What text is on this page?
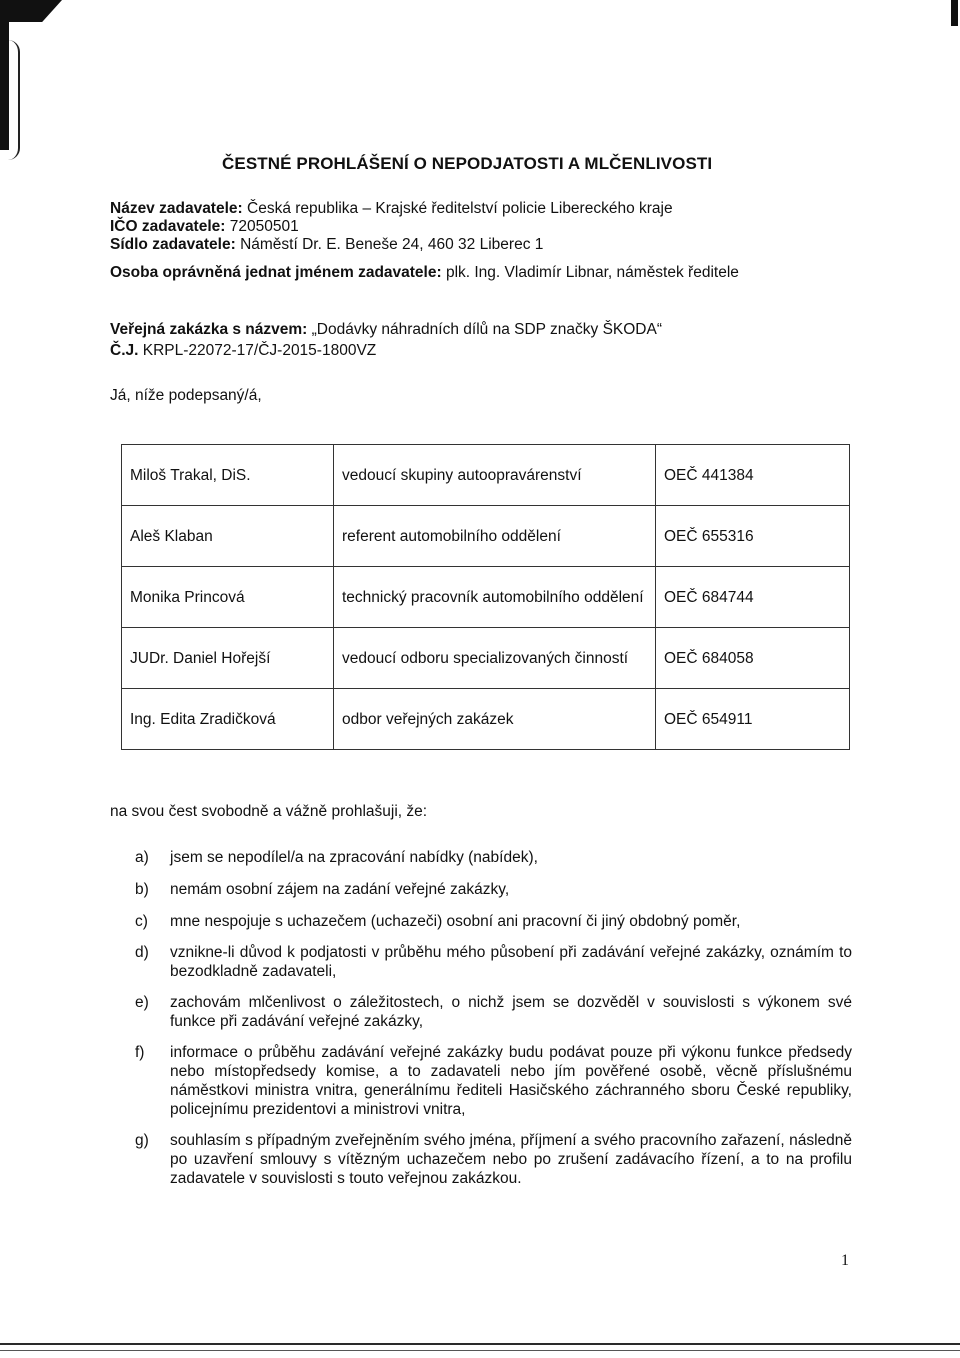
ČESTNÉ PROHLÁŠENÍ O NEPODJATOSTI A MLČENLIVOSTI
Název zadavatele: Česká republika – Krajské ředitelství policie Libereckého kraje
IČO zadavatele: 72050501
Sídlo zadavatele: Náměstí Dr. E. Beneše 24, 460 32 Liberec 1
Osoba oprávněná jednat jménem zadavatele: plk. Ing. Vladimír Libnar, náměstek ředitele
Veřejná zakázka s názvem: „Dodávky náhradních dílů na SDP značky ŠKODA“
Č.J. KRPL-22072-17/ČJ-2015-1800VZ
Já, níže podepsaný/á,
Miloš Trakal, DiS.	vedoucí skupiny autoopravárenství	OEČ 441384
Aleš Klaban	referent automobilního oddělení	OEČ 655316
Monika Princová	technický pracovník automobilního oddělení	OEČ 684744
JUDr. Daniel Hořejší	vedoucí odboru specializovaných činností	OEČ 684058
Ing. Edita Zradičková	odbor veřejných zakázek	OEČ 654911
na svou čest svobodně a vážně prohlašuji, že:
a) jsem se nepodílel/a na zpracování nabídky (nabídek),
b) nemám osobní zájem na zadání veřejné zakázky,
c) mne nespojuje s uchazečem (uchazeči) osobní ani pracovní či jiný obdobný poměr,
d) vznikne-li důvod k podjatosti v průběhu mého působení při zadávání veřejné zakázky, oznámím to bezodkladně zadavateli,
e) zachovám mlčenlivost o záležitostech, o nichž jsem se dozvěděl v souvislosti s výkonem své funkce při zadávání veřejné zakázky,
f) informace o průběhu zadávání veřejné zakázky budu podávat pouze při výkonu funkce předsedy nebo místopředsedy komise, a to zadavateli nebo jím pověřené osobě, věcně příslušnému náměstkovi ministra vnitra, generálnímu řediteli Hasičského záchranného sboru České republiky, policejnímu prezidentovi a ministrovi vnitra,
g) souhlasím s případným zveřejněním svého jména, příjmení a svého pracovního zařazení, následně po uzavření smlouvy s vítězným uchazečem nebo po zrušení zadávacího řízení, a to na profilu zadavatele v souvislosti s touto veřejnou zakázkou.
1
